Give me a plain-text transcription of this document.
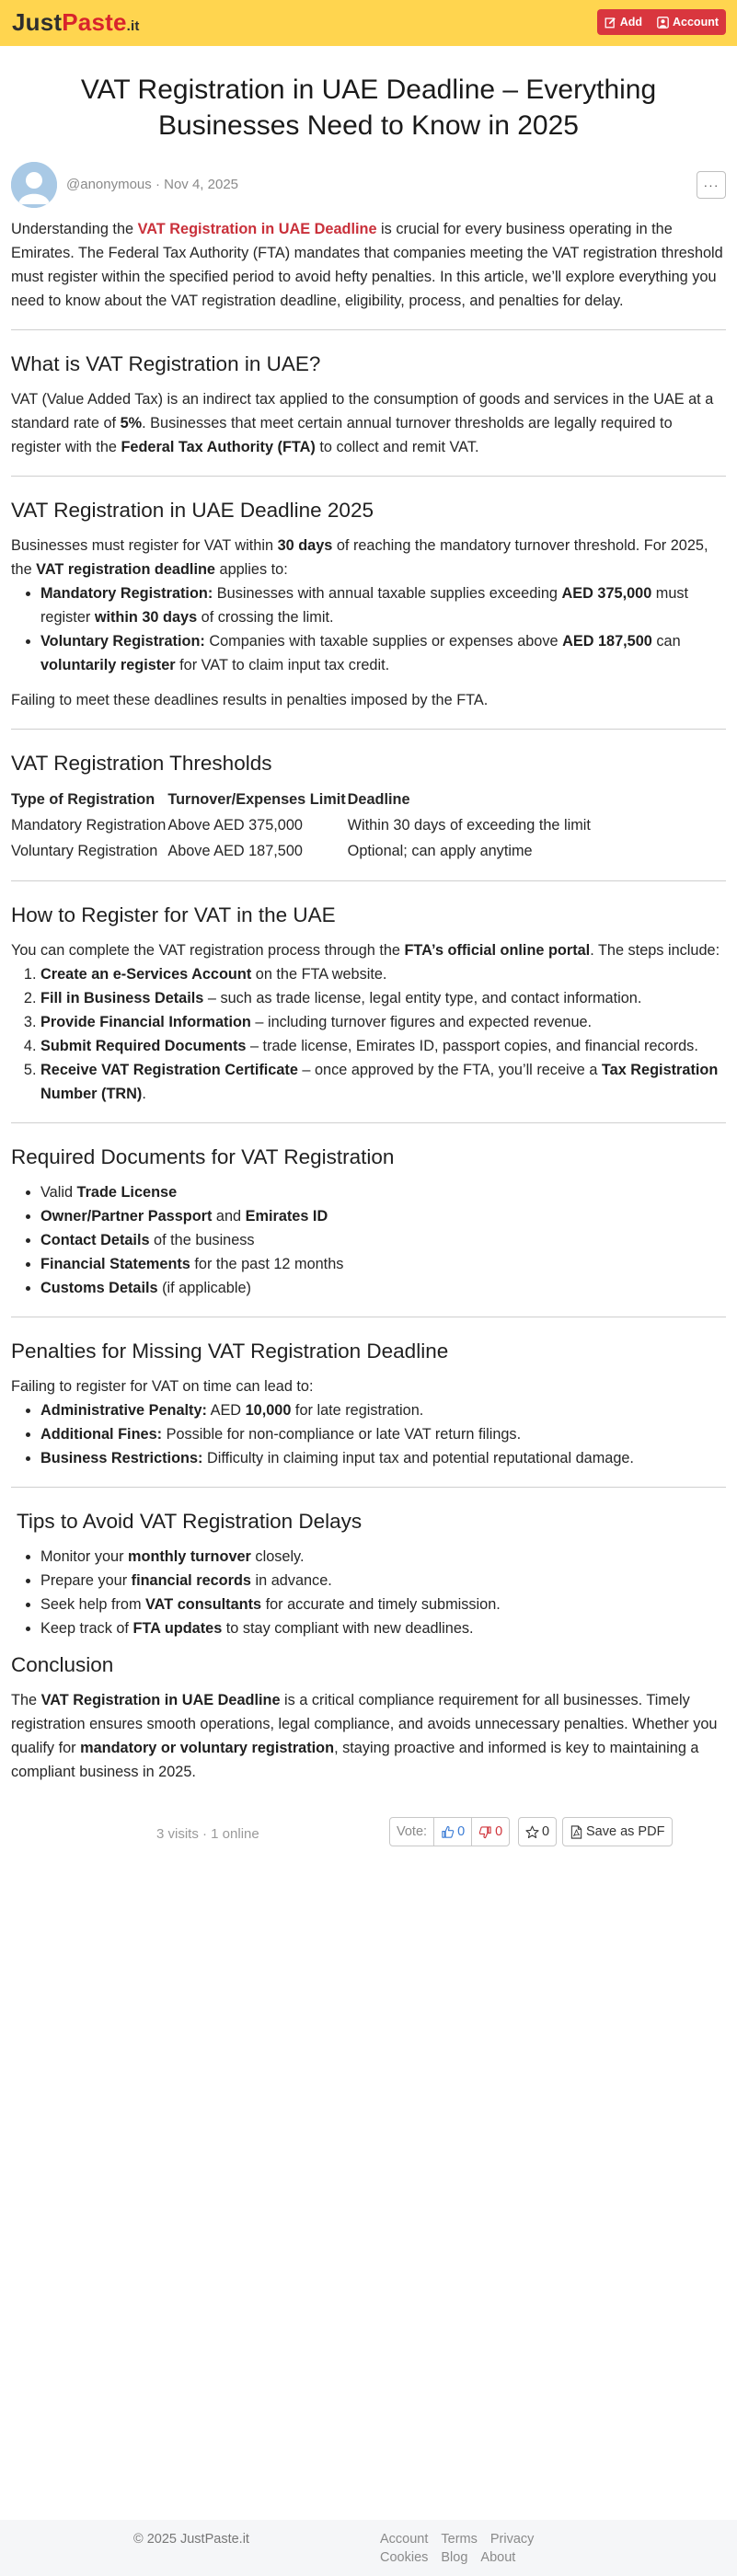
JustPaste.it	Add	Account
VAT Registration in UAE Deadline – Everything Businesses Need to Know in 2025
@anonymous · Nov 4, 2025	···

Understanding the VAT Registration in UAE Deadline is crucial for every business operating in the Emirates. The Federal Tax Authority (FTA) mandates that companies meeting the VAT registration threshold must register within the specified period to avoid hefty penalties. In this article, we’ll explore everything you need to know about the VAT registration deadline, eligibility, process, and penalties for delay.

What is VAT Registration in UAE?

VAT (Value Added Tax) is an indirect tax applied to the consumption of goods and services in the UAE at a standard rate of 5%. Businesses that meet certain annual turnover thresholds are legally required to register with the Federal Tax Authority (FTA) to collect and remit VAT.

VAT Registration in UAE Deadline 2025

Businesses must register for VAT within 30 days of reaching the mandatory turnover threshold. For 2025, the VAT registration deadline applies to:

• Mandatory Registration: Businesses with annual taxable supplies exceeding AED 375,000 must register within 30 days of crossing the limit.
• Voluntary Registration: Companies with taxable supplies or expenses above AED 187,500 can voluntarily register for VAT to claim input tax credit.

Failing to meet these deadlines results in penalties imposed by the FTA.

VAT Registration Thresholds
Type of Registration	Turnover/Expenses Limit	Deadline
Mandatory Registration	Above AED 375,000	Within 30 days of exceeding the limit
Voluntary Registration	Above AED 187,500	Optional; can apply anytime
How to Register for VAT in the UAE

You can complete the VAT registration process through the FTA’s official online portal. The steps include:

1. Create an e-Services Account on the FTA website.
2. Fill in Business Details – such as trade license, legal entity type, and contact information.
3. Provide Financial Information – including turnover figures and expected revenue.
4. Submit Required Documents – trade license, Emirates ID, passport copies, and financial records.
5. Receive VAT Registration Certificate – once approved by the FTA, you’ll receive a Tax Registration Number (TRN).
Required Documents for VAT Registration
• Valid Trade License
• Owner/Partner Passport and Emirates ID
• Contact Details of the business
• Financial Statements for the past 12 months
• Customs Details (if applicable)
Penalties for Missing VAT Registration Deadline

Failing to register for VAT on time can lead to:

• Administrative Penalty: AED 10,000 for late registration.
• Additional Fines: Possible for non-compliance or late VAT return filings.
• Business Restrictions: Difficulty in claiming input tax and potential reputational damage.
Tips to Avoid VAT Registration Delays
• Monitor your monthly turnover closely.
• Prepare your financial records in advance.
• Seek help from VAT consultants for accurate and timely submission.
• Keep track of FTA updates to stay compliant with new deadlines.
Conclusion

The VAT Registration in UAE Deadline is a critical compliance requirement for all businesses. Timely registration ensures smooth operations, legal compliance, and avoids unnecessary penalties. Whether you qualify for mandatory or voluntary registration, staying proactive and informed is key to maintaining a compliant business in 2025.

3 visits · 1 online	Vote:	0 0	0	Save as PDF
© 2025 JustPaste.it	Account Terms PrivacyCookies Blog About
